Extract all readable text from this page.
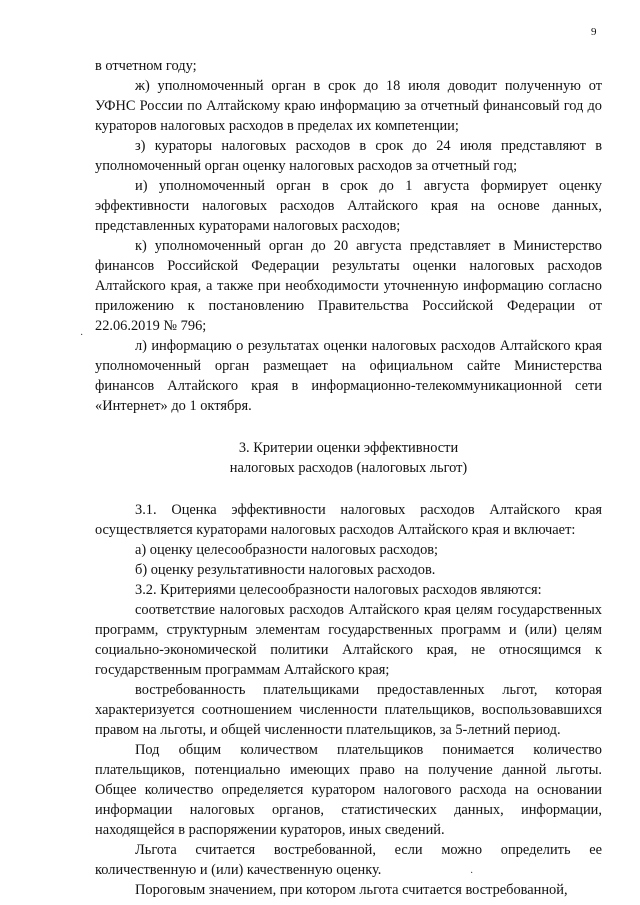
9

в отчетном году;

ж) уполномоченный орган в срок до 18 июля доводит полученную от УФНС России по Алтайскому краю информацию за отчетный финансовый год до кураторов налоговых расходов в пределах их компетенции;

з) кураторы налоговых расходов в срок до 24 июля представляют в уполномоченный орган оценку налоговых расходов за отчетный год;

и) уполномоченный орган в срок до 1 августа формирует оценку эффективности налоговых расходов Алтайского края на основе данных, представленных кураторами налоговых расходов;

к) уполномоченный орган до 20 августа представляет в Министерство финансов Российской Федерации результаты оценки налоговых расходов Алтайского края, а также при необходимости уточненную информацию согласно приложению к постановлению Правительства Российской Федерации от 22.06.2019 № 796;

л) информацию о результатах оценки налоговых расходов Алтайского края уполномоченный орган размещает на официальном сайте Министерства финансов Алтайского края в информационно-телекоммуникационной сети «Интернет» до 1 октября.

3. Критерии оценки эффективности

налоговых расходов (налоговых льгот)

3.1. Оценка эффективности налоговых расходов Алтайского края осуществляется кураторами налоговых расходов Алтайского края и включает:

а) оценку целесообразности налоговых расходов;

б) оценку результативности налоговых расходов.

3.2. Критериями целесообразности налоговых расходов являются:

соответствие налоговых расходов Алтайского края целям государственных программ, структурным элементам государственных программ и (или) целям социально-экономической политики Алтайского края, не относящимся к государственным программам Алтайского края;

востребованность плательщиками предоставленных льгот, которая характеризуется соотношением численности плательщиков, воспользовавшихся правом на льготы, и общей численности плательщиков, за 5-летний период.

Под общим количеством плательщиков понимается количество плательщиков, потенциально имеющих право на получение данной льготы. Общее количество определяется куратором налогового расхода на основании информации налоговых органов, статистических данных, информации, находящейся в распоряжении кураторов, иных сведений.

Льгота считается востребованной, если можно определить ее количественную и (или) качественную оценку.

Пороговым значением, при котором льгота считается востребованной,

·
·
